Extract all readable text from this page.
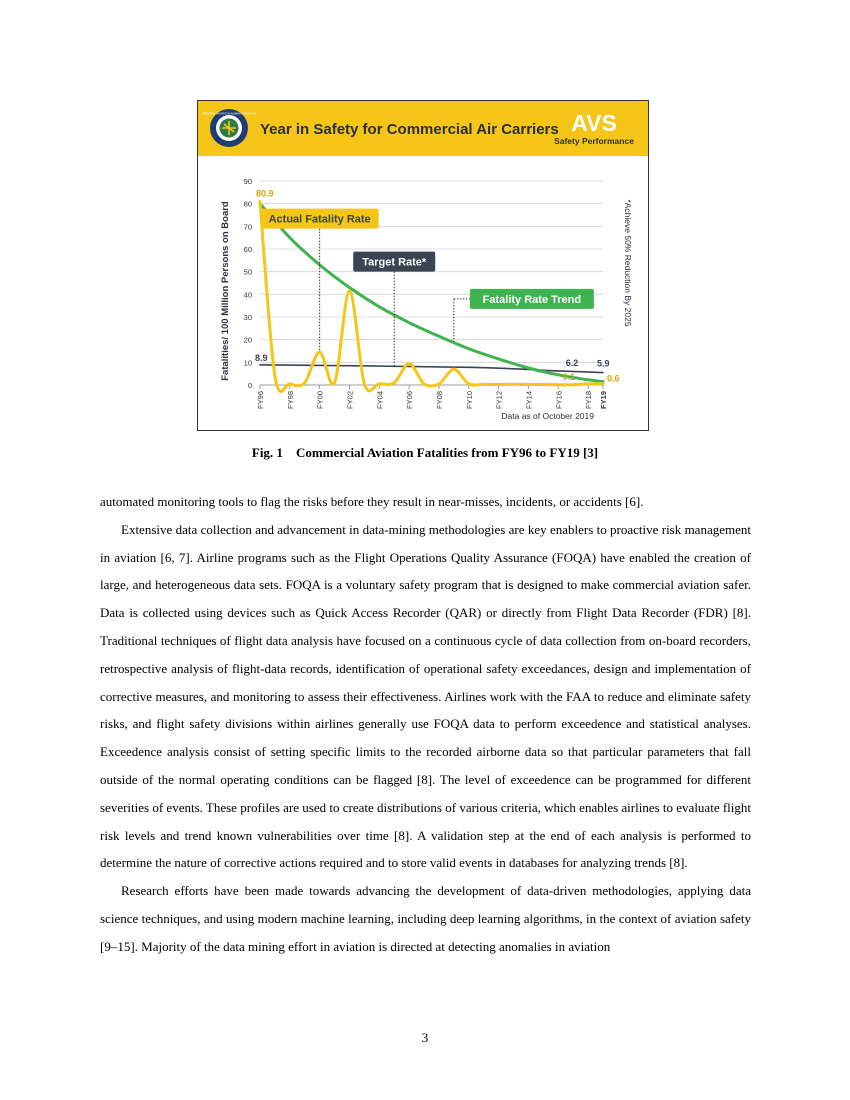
FEDERAL AVIATION ADMINISTRATION
Year in Safety for Commercial Air Carriers AVS
Safety Performance
0
10
20
30
40
50
60
70
80
90
FY96	FY98	FY00	FY02	FY04	FY06	FY08	FY10	FY12	FY14	FY16	FY18 FY19
80.9
8.9
6.2 5.9
0.1	0.6
Actual Fatality Rate
Target Rate*
Fatality Rate Trend
Fatalities/ 100 Million Persons on Board	*Achieve 50% Reduction By 2025
Data as of October 2019
Fig. 1 Commercial Aviation Fatalities from FY96 to FY19 [3]

automated monitoring tools to flag the risks before they result in near-misses, incidents, or accidents [6].

Extensive data collection and advancement in data-mining methodologies are key enablers to proactive risk management in aviation [6, 7]. Airline programs such as the Flight Operations Quality Assurance (FOQA) have enabled the creation of large, and heterogeneous data sets. FOQA is a voluntary safety program that is designed to make commercial aviation safer. Data is collected using devices such as Quick Access Recorder (QAR) or directly from Flight Data Recorder (FDR) [8]. Traditional techniques of flight data analysis have focused on a continuous cycle of data collection from on-board recorders, retrospective analysis of flight-data records, identification of operational safety exceedances, design and implementation of corrective measures, and monitoring to assess their effectiveness. Airlines work with the FAA to reduce and eliminate safety risks, and flight safety divisions within airlines generally use FOQA data to perform exceedence and statistical analyses. Exceedence analysis consist of setting specific limits to the recorded airborne data so that particular parameters that fall outside of the normal operating conditions can be flagged [8]. The level of exceedence can be programmed for different severities of events. These profiles are used to create distributions of various criteria, which enables airlines to evaluate flight risk levels and trend known vulnerabilities over time [8]. A validation step at the end of each analysis is performed to determine the nature of corrective actions required and to store valid events in databases for analyzing trends [8].

Research efforts have been made towards advancing the development of data-driven methodologies, applying data science techniques, and using modern machine learning, including deep learning algorithms, in the context of aviation safety [9–15]. Majority of the data mining effort in aviation is directed at detecting anomalies in aviation

3
